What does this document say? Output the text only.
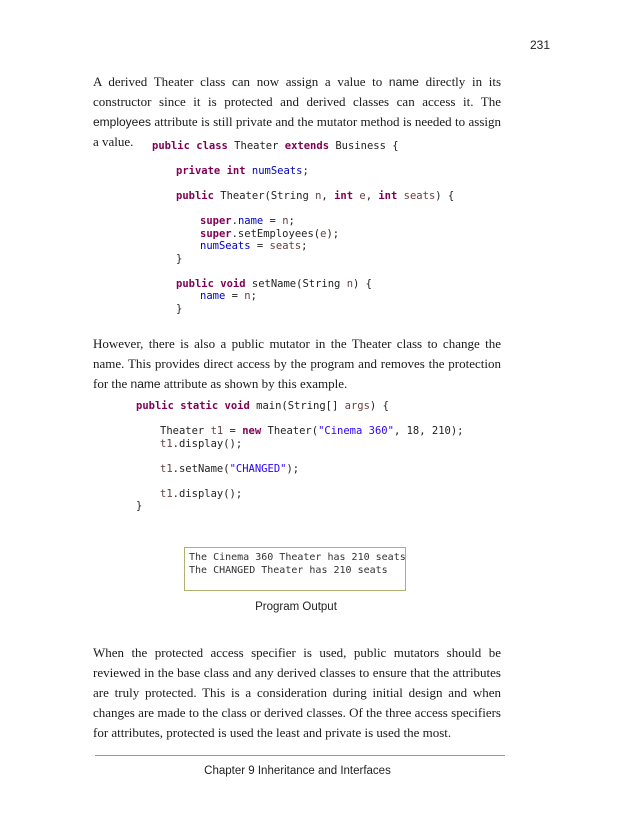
231

A derived Theater class can now assign a value to name directly in its constructor since it is protected and derived classes can access it. The employees attribute is still private and the mutator method is needed to assign a value.	public class Theater extends Business {
private int numSeats;
public Theater(String n, int e, int seats) {
super.name = n;
super.setEmployees(e);
numSeats = seats;
}
public void setName(String n) {
name = n;
}

However, there is also a public mutator in the Theater class to change the name. This provides direct access by the program and removes the protection for the name attribute as shown by this example.

public static void main(String[] args) {
Theater t1 = new Theater("Cinema 360", 18, 210);
t1.display();
t1.setName("CHANGED");
t1.display();
}
The Cinema 360 Theater has 210 seats
The CHANGED Theater has 210 seats
Program Output

When the protected access specifier is used, public mutators should be reviewed in the base class and any derived classes to ensure that the attributes are truly protected. This is a consideration during initial design and when changes are made to the class or derived classes. Of the three access specifiers for attributes, protected is used the least and private is used the most.

Chapter 9 Inheritance and Interfaces
